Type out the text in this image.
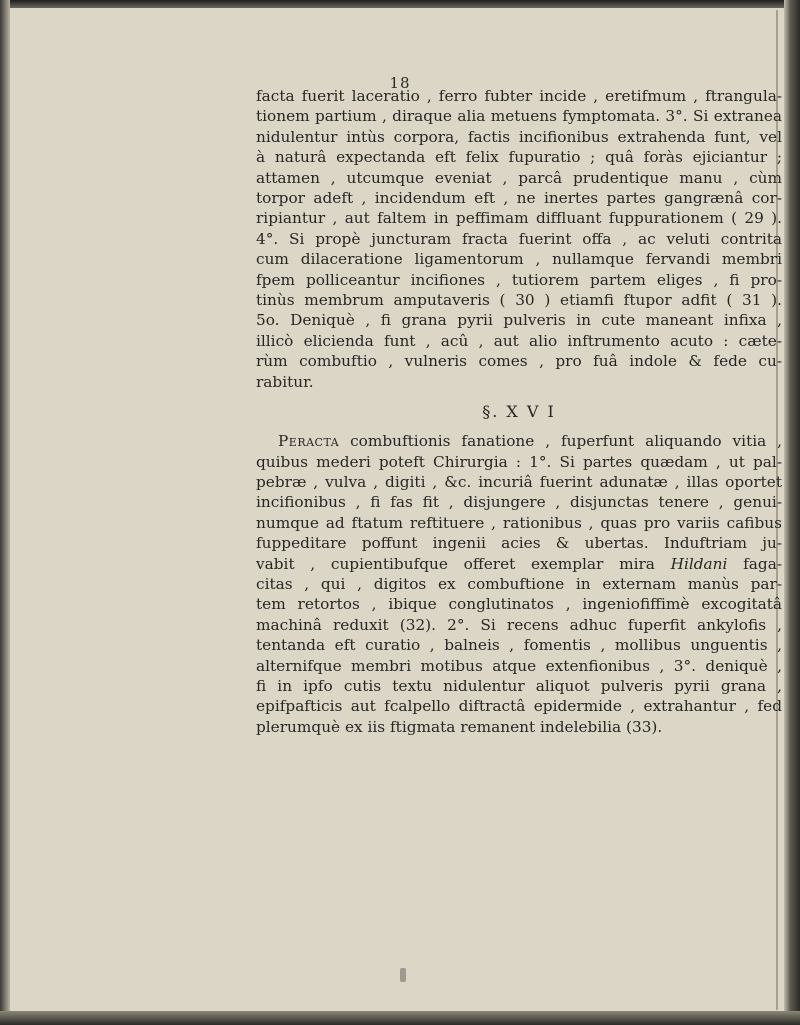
18

facta fuerit laceratio , ferro fubter incide , eretifmum , ftrangula-
tionem partium , diraque alia metuens fymptomata. 3°. Si extranea
nidulentur intùs corpora, factis incifionibus extrahenda funt, vel
à naturâ expectanda eft felix fupuratio ; quâ foràs ejiciantur ;
attamen , utcumque eveniat , parcâ prudentique manu , cùm
torpor adeft , incidendum eft , ne inertes partes gangrænâ cor-
ripiantur , aut faltem in peffimam diffluant fuppurationem ( 29 ).
4°. Si propè juncturam fracta fuerint offa , ac veluti contrita
cum dilaceratione ligamentorum , nullamque fervandi membri
fpem polliceantur incifiones , tutiorem partem eliges , fi pro-
tinùs membrum amputaveris ( 30 ) etiamfi ftupor adfit ( 31 ).
5o. Deniquè , fi grana pyrii pulveris in cute maneant infixa ,
illicò elicienda funt , acû , aut alio inftrumento acuto : cæte-
rùm combuftio , vulneris comes , pro fuâ indole & fede cu-
rabitur.

§. X V I

Peracta combuftionis fanatione , fuperfunt aliquando vitia ,
quibus mederi poteft Chirurgia : 1°. Si partes quædam , ut pal-
pebræ , vulva , digiti , &c. incuriâ fuerint adunatæ , illas oportet
incifionibus , fi fas fit , disjungere , disjunctas tenere , genui-
numque ad ftatum reftituere , rationibus , quas pro variis cafibus
fuppeditare poffunt ingenii acies & ubertas. Induftriam ju-
vabit , cupientibufque offeret exemplar mira Hildani faga-
citas , qui , digitos ex combuftione in externam manùs par-
tem retortos , ibique conglutinatos , ingeniofiffimè excogitatâ
machinâ reduxit (32). 2°. Si recens adhuc fuperfit ankylofis ,
tentanda eft curatio , balneis , fomentis , mollibus unguentis ,
alternifque membri motibus atque extenfionibus , 3°. deniquè ,
fi in ipfo cutis textu nidulentur aliquot pulveris pyrii grana ,
epifpafticis aut fcalpello diftractâ epidermide , extrahantur , fed
plerumquè ex iis ftigmata remanent indelebilia (33).
